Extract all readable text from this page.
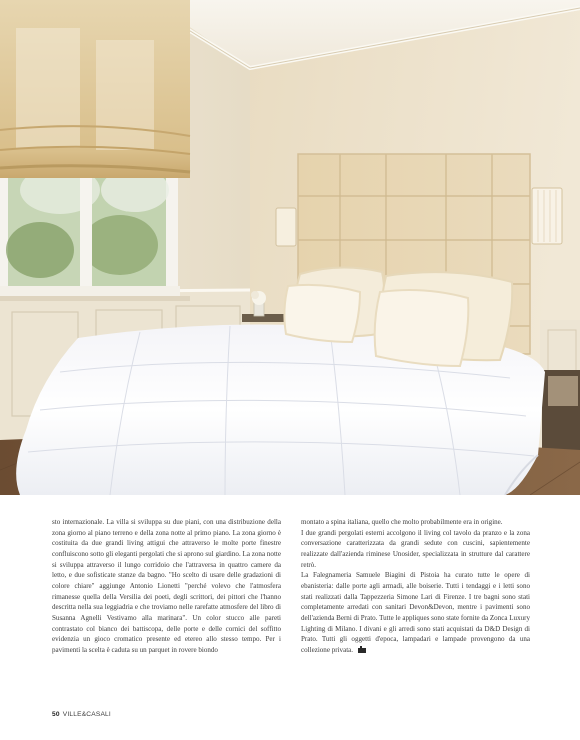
sto internazionale. La villa si sviluppa su due piani, con una distribuzione della zona giorno al piano terreno e della zona notte al primo piano. La zona giorno è costituita da due grandi living attigui che attraverso le molte porte finestre confluiscono sotto gli eleganti pergolati che si aprono sul giardino. La zona notte si sviluppa attraverso il lungo corridoio che l'attraversa in quattro camere da letto, e due sofisticate stanze da bagno. "Ho scelto di usare delle gradazioni di colore chiare" aggiunge Antonio Lionetti "perché volevo che l'atmosfera rimanesse quella della Versilia dei poeti, degli scrittori, dei pittori che l'hanno descritta nella sua leggiadria e che troviamo nelle rarefatte atmosfere del libro di Susanna Agnelli Vestivamo alla marinara". Un color stucco alle pareti contrastato col bianco dei battiscopa, delle porte e delle cornici del soffitto evidenzia un gioco cromatico presente ed etereo allo stesso tempo. Per i pavimenti la scelta è caduta su un parquet in rovere biondo

montato a spina italiana, quello che molto probabilmente era in origine.

I due grandi pergolati esterni accolgono il living col tavolo da pranzo e la zona conversazione caratterizzata da grandi sedute con cuscini, sapientemente realizzate dall'azienda riminese Unosider, specializzata in strutture dal carattere retrò.

La Falegnameria Samuele Biagini di Pistoia ha curato tutte le opere di ebanisteria: dalle porte agli armadi, alle boiserie. Tutti i tendaggi e i letti sono stati realizzati dalla Tappezzeria Simone Lari di Firenze. I tre bagni sono stati completamente arredati con sanitari Devon&Devon, mentre i pavimenti sono dell'azienda Berni di Prato. Tutte le appliques sono state fornite da Zonca Luxury Lighting di Milano. I divani e gli arredi sono stati acquistati da D&D Design di Prato. Tutti gli oggetti d'epoca, lampadari e lampade provengono da una collezione privata.

50 VILLE&CASALI
